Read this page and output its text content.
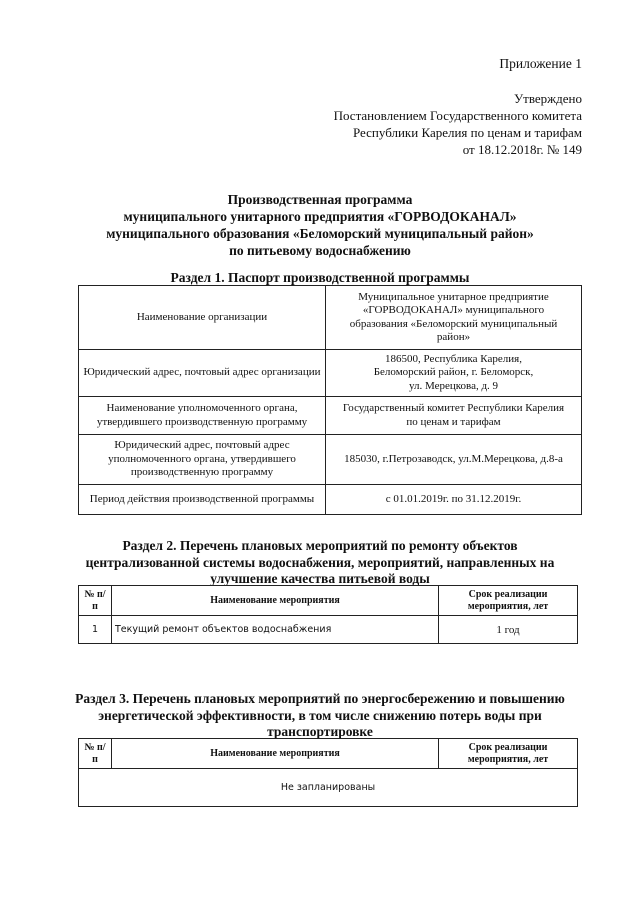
Приложение 1
Утверждено
Постановлением Государственного комитета
Республики Карелия по ценам и тарифам
от 18.12.2018г. № 149
Производственная программа
муниципального унитарного предприятия «ГОРВОДОКАНАЛ»
муниципального образования «Беломорский муниципальный район»
по питьевому водоснабжению
Раздел 1. Паспорт производственной программы
Наименование организации	Муниципальное унитарное предприятие
«ГОРВОДОКАНАЛ» муниципального
образования «Беломорский муниципальный
район»

Юридический адрес, почтовый адрес организации	186500, Республика Карелия,
Беломорский район, г. Беломорск,
ул. Мерецкова, д. 9

Наименование уполномоченного органа, утвердившего производственную программу	Государственный комитет Республики Карелия
по ценам и тарифам

Юридический адрес, почтовый адрес уполномоченного органа, утвердившего производственную программу	185030, г.Петрозаводск, ул.М.Мерецкова, д.8-а

Период действия производственной программы	с 01.01.2019г. по 31.12.2019г.
Раздел 2. Перечень плановых мероприятий по ремонту объектов
централизованной системы водоснабжения, мероприятий, направленных на
улучшение качества питьевой воды
№ п/п	Наименование мероприятия	Срок реализации мероприятия, лет
1	Текущий ремонт объектов водоснабжения	1 год
Раздел 3. Перечень плановых мероприятий по энергосбережению и повышению
энергетической эффективности, в том числе снижению потерь воды при
транспортировке
№ п/п	Наименование мероприятия	Срок реализации мероприятия, лет
Не запланированы
